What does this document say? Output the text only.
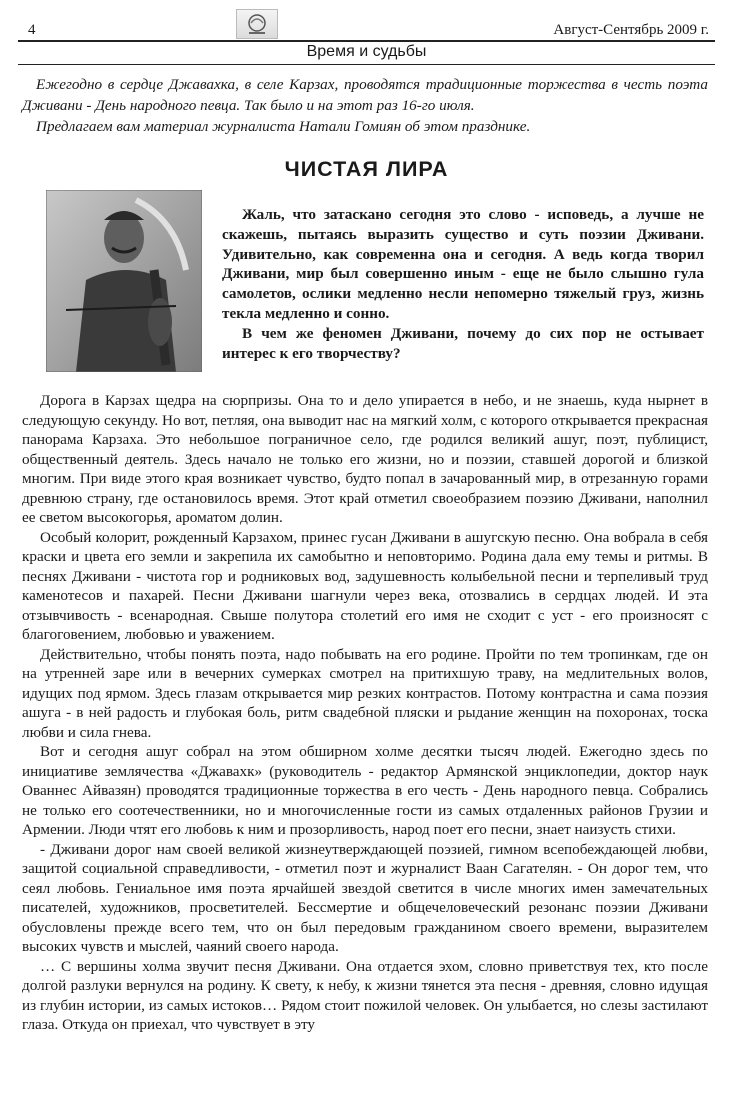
4	Август-Сентябрь 2009 г.
Время и судьбы

Ежегодно в сердце Джавахка, в селе Карзах, проводятся традиционные торжества в честь поэта Дживани - День народного певца. Так было и на этот раз 16-го июля.

Предлагаем вам материал журналиста Натали Гомиян об этом празднике.

ЧИСТАЯ ЛИРА

Жаль, что затаскано сегодня это слово - исповедь, а лучше не скажешь, пытаясь выразить существо и суть поэзии Дживани. Удивительно, как современна она и сегодня. А ведь когда творил Дживани, мир был совершенно иным - еще не было слышно гула самолетов, ослики медленно несли непомерно тяжелый груз, жизнь текла медленно и сонно.

В чем же феномен Дживани, почему до сих пор не остывает интерес к его творчеству?

Дорога в Карзах щедра на сюрпризы. Она то и дело упирается в небо, и не знаешь, куда нырнет в следующую секунду. Но вот, петляя, она выводит нас на мягкий холм, с которого открывается прекрасная панорама Карзаха. Это небольшое пограничное село, где родился великий ашуг, поэт, публицист, общественный деятель. Здесь начало не только его жизни, но и поэзии, ставшей дорогой и близкой многим. При виде этого края возникает чувство, будто попал в зачарованный мир, в отрезанную горами древнюю страну, где остановилось время. Этот край отметил своеобразием поэзию Дживани, наполнил ее светом высокогорья, ароматом долин.

Особый колорит, рожденный Карзахом, принес гусан Дживани в ашугскую песню. Она вобрала в себя краски и цвета его земли и закрепила их самобытно и неповторимо. Родина дала ему темы и ритмы. В песнях Дживани - чистота гор и родниковых вод, задушевность колыбельной песни и терпеливый труд каменотесов и пахарей. Песни Дживани шагнули через века, отозвались в сердцах людей. И эта отзывчивость - всенародная. Свыше полутора столетий его имя не сходит с уст - его произносят с благоговением, любовью и уважением.

Действительно, чтобы понять поэта, надо побывать на его родине. Пройти по тем тропинкам, где он на утренней заре или в вечерних сумерках смотрел на притихшую траву, на медлительных волов, идущих под ярмом. Здесь глазам открывается мир резких контрастов. Потому контрастна и сама поэзия ашуга - в ней радость и глубокая боль, ритм свадебной пляски и рыдание женщин на похоронах, тоска любви и сила гнева.

Вот и сегодня ашуг собрал на этом обширном холме десятки тысяч людей. Ежегодно здесь по инициативе землячества «Джавахк» (руководитель - редактор Армянской энциклопедии, доктор наук Ованнес Айвазян) проводятся традиционные торжества в его честь - День народного певца. Собрались не только его соотечественники, но и многочисленные гости из самых отдаленных районов Грузии и Армении. Люди чтят его любовь к ним и прозорливость, народ поет его песни, знает наизусть стихи.

- Дживани дорог нам своей великой жизнеутверждающей поэзией, гимном всепобеждающей любви, защитой социальной справедливости, - отметил поэт и журналист Ваан Сагателян. - Он дорог тем, что сеял любовь. Гениальное имя поэта ярчайшей звездой светится в числе многих имен замечательных писателей, художников, просветителей. Бессмертие и общечеловеческий резонанс поэзии Дживани обусловлены прежде всего тем, что он был передовым гражданином своего времени, выразителем высоких чувств и мыслей, чаяний своего народа.

… С вершины холма звучит песня Дживани. Она отдается эхом, словно приветствуя тех, кто после долгой разлуки вернулся на родину. К свету, к небу, к жизни тянется эта песня - древняя, словно идущая из глубин истории, из самых истоков… Рядом стоит пожилой человек. Он улыбается, но слезы застилают глаза. Откуда он приехал, что чувствует в эту
